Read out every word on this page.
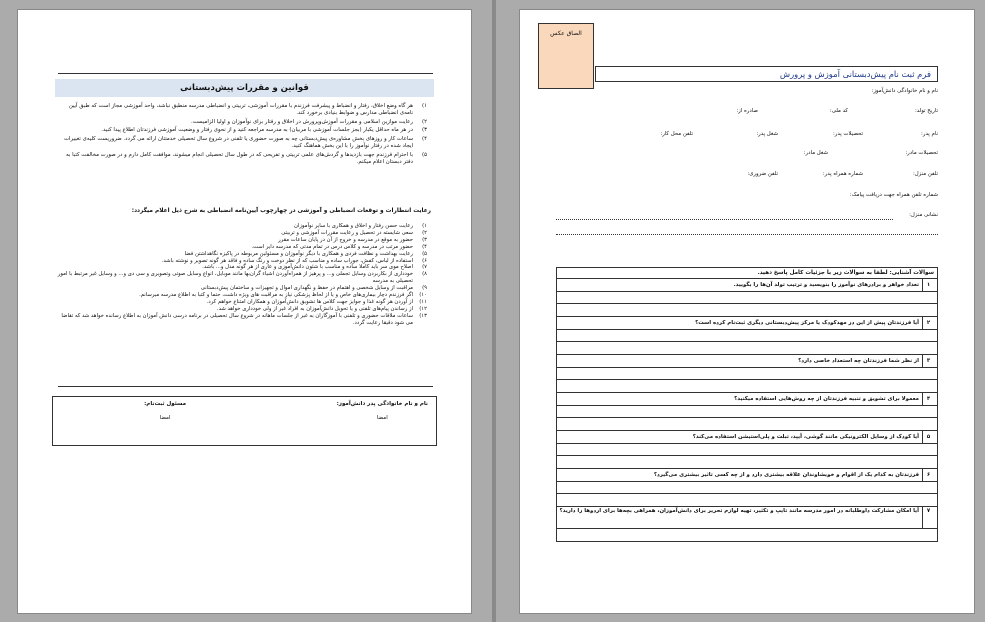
قوانین و مقررات پیش‌دبستانی
۱)
هر گاه وضع اخلاق، رفتار و انضباط و پیشرفت فرزندم با مقررات آموزشی، تربیتی و انضباطی مدرسه منطبق نباشد، واحد آموزشی مجاز است که طبق آیین نامه‌ی انضباطی مدارس و ضوابط بنیادی برخورد کند.
۲)
رعایت موازین اسلامی و مقررات آموزش‌وپرورش در اخلاق و رفتار برای نوآموزان و اولیا الزامیست.
۳)
در هر ماه حداقل یکبار (بجز جلسات آموزشی با مربیان) به مدرسه مراجعه کنید و از نحوی رفتار و وضعیت آموزشی فرزندتان اطلاع پیدا کنید.
۴)
ساعات کار و روزهای بخش مشاوره‌ی پیش‌دبستانی چه به صورت حضوری یا تلفنی در شروع سال تحصیلی خدمتتان ارائه می گردد. ضروریست کلیه‌ی تغییرات ایجاد شده در رفتار نوآموز را با این بخش هماهنگ کنید.
۵)
با احترام فرزندم جهت بازدیدها و گردش‌های علمی تربیتی و تفریحی که در طول سال تحصیلی انجام میشوند، موافقت کامل دارم و در صورت مخالفت کتبا به دفتر دبستان اعلام میکنم.
رعایت انتظارات و توقعات انضباطی و آموزشی در چهارچوب آیین‌نامه انضباطی به شرح ذیل اعلام میگردد:
۱)
رعایت حسن رفتار و اخلاق و همکاری با سایر نوآموزان
۲)
سعی شایسته در تحصیل و رعایت مقررات آموزشی و تربیتی
۳)
حضور به موقع در مدرسه و خروج از آن در پایان ساعات مقرر
۴)
حضور مرتب در مدرسه و کلاس درس در تمام مدتی که مدرسه دایر است.
۵)
رعایت بهداشت و نظافت فردی و همکاری با دیگر نوآموزان و مسئولین مربوطه در پاکیزه نگاهداشتن فضا
۶)
استفاده از لباس، کفش، جوراب ساده و مناسب که از نظر دوخت و رنگ ساده و فاقد هر گونه تصویر و نوشته باشد.
۷)
اصلاح موی سر باید کاملا ساده و مناسب با شئون دانش‌آموزی و عاری از هر گونه مدل و... باشد.
۸)
خودداری از بکاربردن وسایل تجملی و... و پرهیز از همراه‌آوردن اشیاء گران‌بها مانند موبایل، انواع وسایل صوتی وتصویری و سی دی و... و وسایل غیر مرتبط با امور تحصیلی به مدرسه
۹)
مراقبت از وسایل شخصی و اهتمام در حفظ و نگهداری اموال و تجهیزات و ساختمان پیش‌دبستانی
۱۰)
اگر فرزندم دچار بیماری‌های خاص و یا از لحاظ پزشکی نیاز به مراقبت های ویژه داشت، حتما و کتبا به اطلاع مدرسه میرسانم.
۱۱)
از آوردن هر گونه غذا و جوایز جهت کلاس ها تشویق دانش‌آموزان و همکاران امتناع خواهم کرد.
۱۲)
از رساندن پیام‌های تلفنی و یا تحویل دانش‌آموزان به افراد غیر از ولی خودداری خواهد شد.
۱۳)
ساعات ملاقات حضوری و تلفنی با آموزگاران به غیر از جلسات ماهانه در شروع سال تحصیلی در برنامه درسی دانش آموزان به اطلاع رسانده خواهد شد که تقاضا می شود دقیقا رعایت گردد.
نام و نام خانوادگی پدر دانش‌آموز:
امضا
مسئول ثبت‌نام:
امضا
الصاق عکس
فرم ثبت نام پیش‌دبستانی آموزش و پرورش
نام و نام خانوادگی دانش‌آموز:
تاریخ تولد:
کد ملی:
صادره از:
نام پدر:
تحصیلات پدر:
شغل پدر:
تلفن محل کار:
تحصیلات مادر:
شغل مادر:
تلفن منزل:
شماره همراه پدر:
تلفن ضروری:
شماره تلفن همراه جهت دریافت پیامک:
نشانی منزل:
سوالات آشنایی: لطفا به سوالات زیر با جزئیات کامل پاسخ دهید.
۱
تعداد خواهر و برادرهای نوآموز را بنویسید و ترتیب تولد آن‌ها را بگویید.
۲
آیا فرزندتان پیش از این در مهدکودک یا مرکز پیش‌دبستانی دیگری ثبت‌نام کرده است؟
۳
از نظر شما فرزندتان چه استعداد خاصی دارد؟
۴
معمولا برای تشویق و تنبیه فرزندتان از چه روش‌هایی استفاده میکنید؟
۵
آیا کودک از وسایل الکترونیکی مانند گوشی، آیپد، تبلت و پلی‌استیشن استفاده می‌کند؟
۶
فرزندتان به کدام یک از اقوام و خویشاوندان علاقه بیشتری دارد و از چه کسی تاثیر بیشتری می‌گیرد؟
۷
آیا امکان مشارکت داوطلبانه در امور مدرسه مانند تایپ و تکثیر، تهیه لوازم تحریر برای دانش‌آموزان، همراهی بچه‌ها برای اردوها را دارید؟
